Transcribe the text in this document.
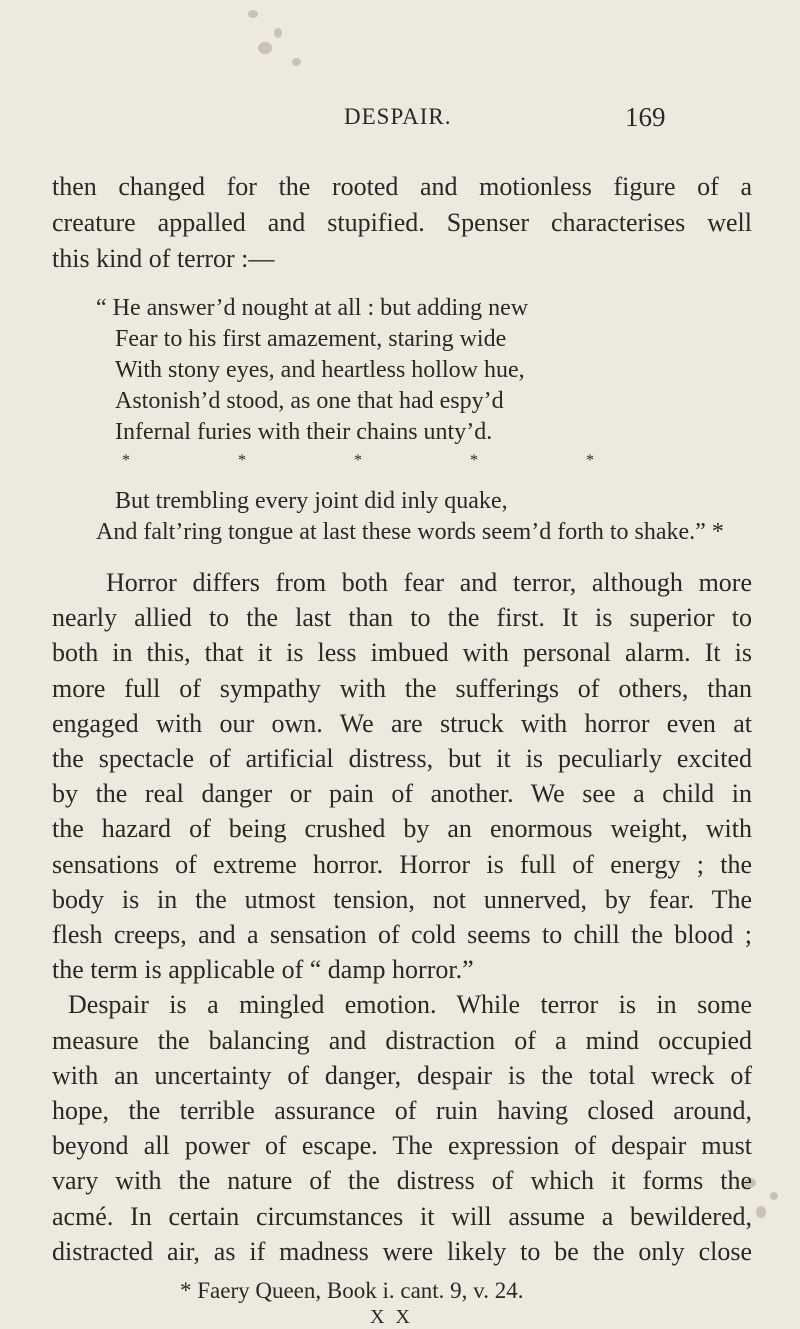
DESPAIR.	169
then changed for the rooted and motionless figure of a
creature appalled and stupified. Spenser characterises well
this kind of terror :—
“ He answer’d nought at all : but adding new
Fear to his first amazement, staring wide
With stony eyes, and heartless hollow hue,
Astonish’d stood, as one that had espy’d
Infernal furies with their chains unty’d.
*	*	*	*	*
But trembling every joint did inly quake,
And falt’ring tongue at last these words seem’d forth to shake.” *
Horror differs from both fear and terror, although more
nearly allied to the last than to the first. It is superior to
both in this, that it is less imbued with personal alarm. It is
more full of sympathy with the sufferings of others, than
engaged with our own. We are struck with horror even at
the spectacle of artificial distress, but it is peculiarly excited
by the real danger or pain of another. We see a child in
the hazard of being crushed by an enormous weight, with
sensations of extreme horror. Horror is full of energy ; the
body is in the utmost tension, not unnerved, by fear. The
flesh creeps, and a sensation of cold seems to chill the blood ;
the term is applicable of “ damp horror.”
Despair is a mingled emotion. While terror is in some
measure the balancing and distraction of a mind occupied
with an uncertainty of danger, despair is the total wreck of
hope, the terrible assurance of ruin having closed around,
beyond all power of escape. The expression of despair must
vary with the nature of the distress of which it forms the
acmé. In certain circumstances it will assume a bewildered,
distracted air, as if madness were likely to be the only close
* Faery Queen, Book i. cant. 9, v. 24.
X X
